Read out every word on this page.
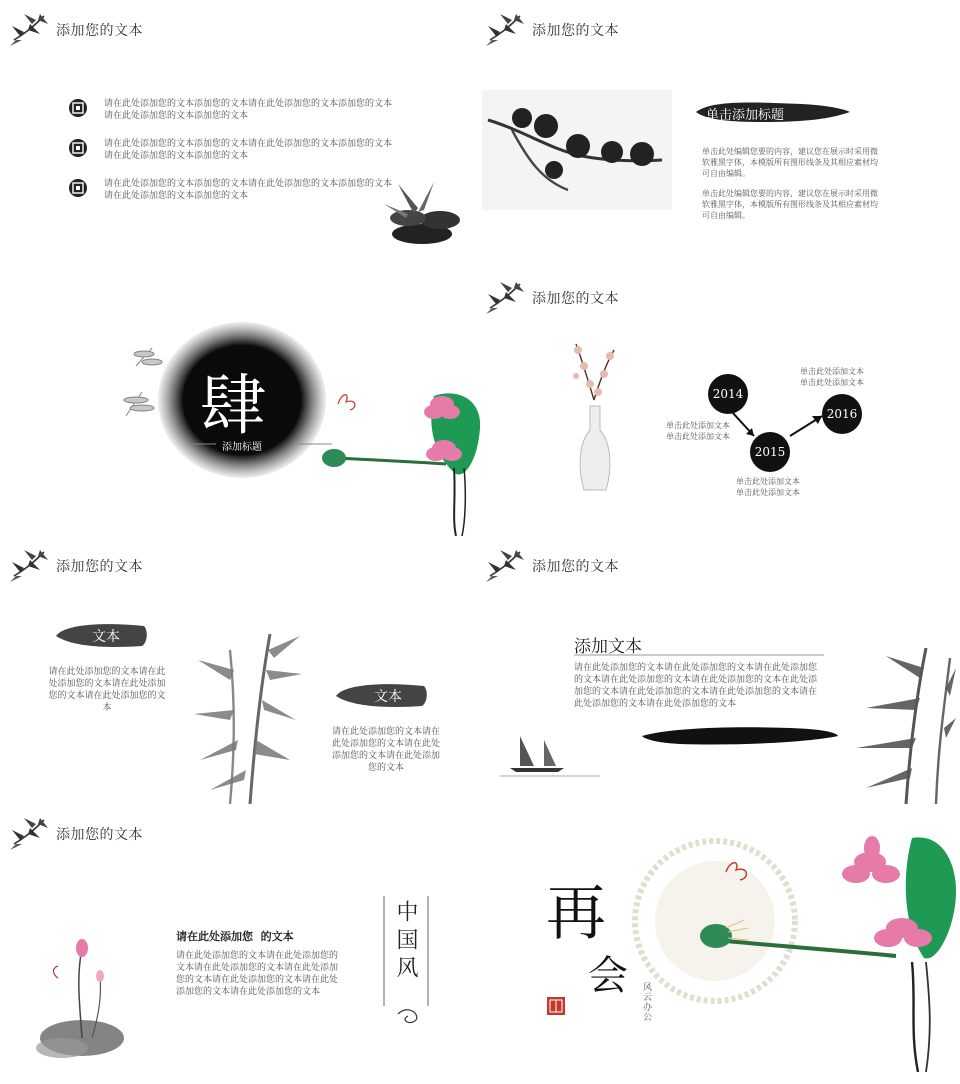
添加您的文本
请在此处添加您的文本添加您的文本请在此处添加您的文本添加您的文本请在此处添加您的文本添加您的文本
请在此处添加您的文本添加您的文本请在此处添加您的文本添加您的文本请在此处添加您的文本添加您的文本
请在此处添加您的文本添加您的文本请在此处添加您的文本添加您的文本请在此处添加您的文本添加您的文本
添加您的文本
单击添加标题
单击此处编辑您要的内容，建议您在展示时采用微软雅黑字体，本模版所有图形线条及其相应素材均可自由编辑。
单击此处编辑您要的内容，建议您在展示时采用微软雅黑字体，本模版所有图形线条及其相应素材均可自由编辑。
肆
添加标题
添加您的文本
2014
2015
2016
单击此处添加文本
单击此处添加文本
单击此处添加文本
单击此处添加文本
单击此处添加文本
单击此处添加文本
添加您的文本
文本
请在此处添加您的文本请在此处添加您的文本请在此处添加您的文本请在此处添加您的文本
文本
请在此处添加您的文本请在此处添加您的文本请在此处添加您的文本请在此处添加您的文本
添加您的文本
添加文本
请在此处添加您的文本请在此处添加您的文本请在此处添加您的文本请在此处添加您的文本请在此处添加您的文本在此处添加您的文本请在此处添加您的文本请在此处添加您的文本请在此处添加您的文本请在此处添加您的文本
添加您的文本
请在此处添加您  的文本
请在此处添加您的文本请在此处添加您的文本请在此处添加您的文本请在此处添加您的文本请在此处添加您的文本请在此处添加您的文本请在此处添加您的文本
中国风 再
会
风云办公
